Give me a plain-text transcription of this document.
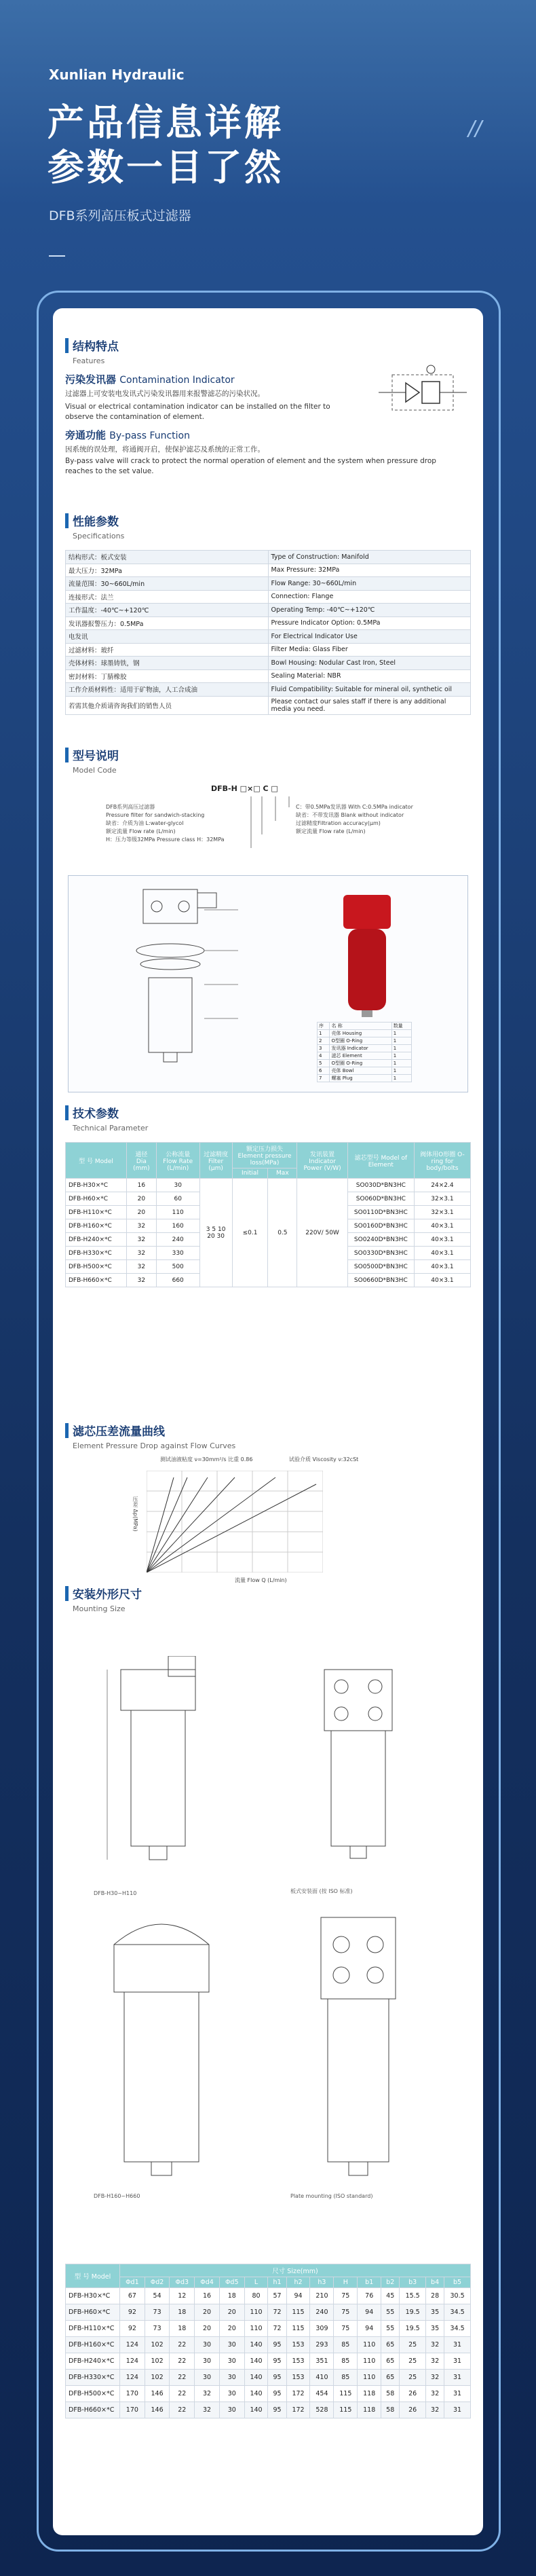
Xunlian Hydraulic
产品信息详解
参数一目了然
//
DFB系列高压板式过滤器
结构特点
Features
污染发讯器 Contamination Indicator
过滤器上可安装电发讯式污染发讯器用来报警滤芯的污染状况。
Visual or electrical contamination indicator can be installed on the filter to observe the contamination of element.
旁通功能 By-pass Function
因系统的误处理，将通阀开启，使保护滤芯及系统的正常工作。
By-pass valve will crack to protect the normal operation of element and the system when pressure drop reaches to the set value.
性能参数
Specifications
结构形式：板式安装	Type of Construction: Manifold
最大压力：32MPa	Max Pressure: 32MPa
流量范围：30~660L/min	Flow Range: 30~660L/min
连接形式：法兰	Connection: Flange
工作温度：-40℃~+120℃	Operating Temp: -40℃~+120℃
发讯器报警压力：0.5MPa	Pressure Indicator Option: 0.5MPa
电发讯	For Electrical Indicator Use
过滤材料：玻纤	Filter Media: Glass Fiber
壳体材料：球墨铸铁，钢	Bowl Housing: Nodular Cast Iron, Steel
密封材料：丁腈橡胶	Sealing Material: NBR
工作介质材料性：适用于矿物油，人工合成油	Fluid Compatibility: Suitable for mineral oil, synthetic oil
若需其他介质请咨询我们的销售人员	Please contact our sales staff if there is any additional media you need.
型号说明
Model Code
DFB-H □×□ C □
DFB系列高压过滤器
Pressure filter for sandwich-stacking
缺省：介质为油 L:water-glycol
额定流量 Flow rate (L/min)
H：压力等级32MPa Pressure class H：32MPa
C：带0.5MPa发讯器 With C:0.5MPa indicator
缺省：不带发讯器 Blank without indicator
过滤精度Filtration accuracy(μm)
额定流量 Flow rate (L/min)
序	名 称	数量
1	壳体 Housing	1
2	O型圈 O-Ring	1
3	发讯器 Indicator	1
4	滤芯 Element	1
5	O型圈 O-Ring	1
6	壳体 Bowl	1
7	螺塞 Plug	1
技术参数
Technical Parameter
型 号 Model	通径 Dia (mm)	公称流量 Flow Rate (L/min)	过滤精度 Filter (μm)	额定压力损失 Element pressure loss(MPa)		发讯装置 Indicator Power (V/W)	滤芯型号 Model of Element	阀体用O形圈 O-ring for body/bolts
				Initial	Max			
DFB-H30×*C	16	30	3 5 10 20 30	≤0.1	0.5	220V/ 50W	SO030D*BN3HC	24×2.4
DFB-H60×*C	20	60					SO060D*BN3HC	32×3.1
DFB-H110×*C	20	110					SO0110D*BN3HC	32×3.1
DFB-H160×*C	32	160					SO0160D*BN3HC	40×3.1
DFB-H240×*C	32	240					SO0240D*BN3HC	40×3.1
DFB-H330×*C	32	330					SO0330D*BN3HC	40×3.1
DFB-H500×*C	32	500					SO0500D*BN3HC	40×3.1
DFB-H660×*C	32	660					SO0660D*BN3HC	40×3.1
滤芯压差流量曲线
Element Pressure Drop against Flow Curves
测试油液粘度 ν=30mm²/s 比重 0.86	试验介质 Viscosity ν:32cSt
压差 Δp(MPa)
流量 Flow Q (L/min)
安装外形尺寸
Mounting Size
DFB-H30~H110	板式安装面 (按 ISO 标准)
DFB-H160~H660	Plate mounting (ISO standard)
型 号 Model	尺寸 Size(mm)														
	Φd1	Φd2	Φd3	Φd4	Φd5	L	h1	h2	h3	H	b1	b2	b3	b4	b5
DFB-H30×*C	67	54	12	16	18	80	57	94	210	75	76	45	15.5	28	30.5
DFB-H60×*C	92	73	18	20	20	110	72	115	240	75	94	55	19.5	35	34.5
DFB-H110×*C	92	73	18	20	20	110	72	115	309	75	94	55	19.5	35	34.5
DFB-H160×*C	124	102	22	30	30	140	95	153	293	85	110	65	25	32	31
DFB-H240×*C	124	102	22	30	30	140	95	153	351	85	110	65	25	32	31
DFB-H330×*C	124	102	22	30	30	140	95	153	410	85	110	65	25	32	31
DFB-H500×*C	170	146	22	32	30	140	95	172	454	115	118	58	26	32	31
DFB-H660×*C	170	146	22	32	30	140	95	172	528	115	118	58	26	32	31
